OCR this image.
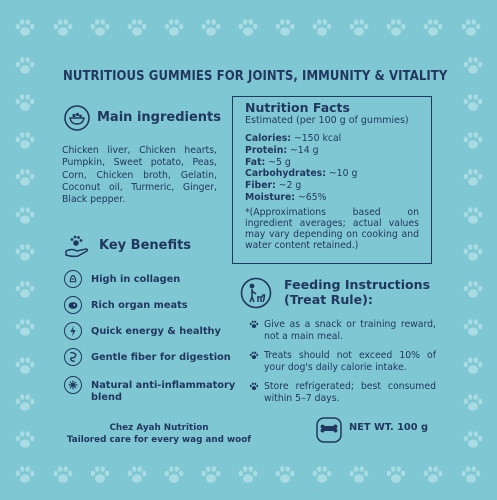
NUTRITIOUS GUMMIES FOR JOINTS, IMMUNITY & VITALITY
Main ingredients
Chicken liver, Chicken hearts, Pumpkin, Sweet potato, Peas, Corn, Chicken broth, Gelatin, Coconut oil, Turmeric, Ginger, Black pepper.
Nutrition Facts
Estimated (per 100 g of gummies)
Calories: ~150 kcal
Protein: ~14 g
Fat: ~5 g
Carbohydrates: ~10 g
Fiber: ~2 g
Moisture: ~65%
*(Approximations based on ingredient averages; actual values may vary depending on cooking and water content retained.)
Key Benefits
High in collagen
Rich organ meats
Quick energy & healthy
Gentle fiber for digestion
Natural anti-inflammatory blend
Feeding Instructions
(Treat Rule):
Give as a snack or training reward, not a main meal.
Treats should not exceed 10% of your dog's daily calorie intake.
Store refrigerated; best consumed within 5–7 days.
Chez Ayah Nutrition
Tailored care for every wag and woof
NET WT. 100 g
